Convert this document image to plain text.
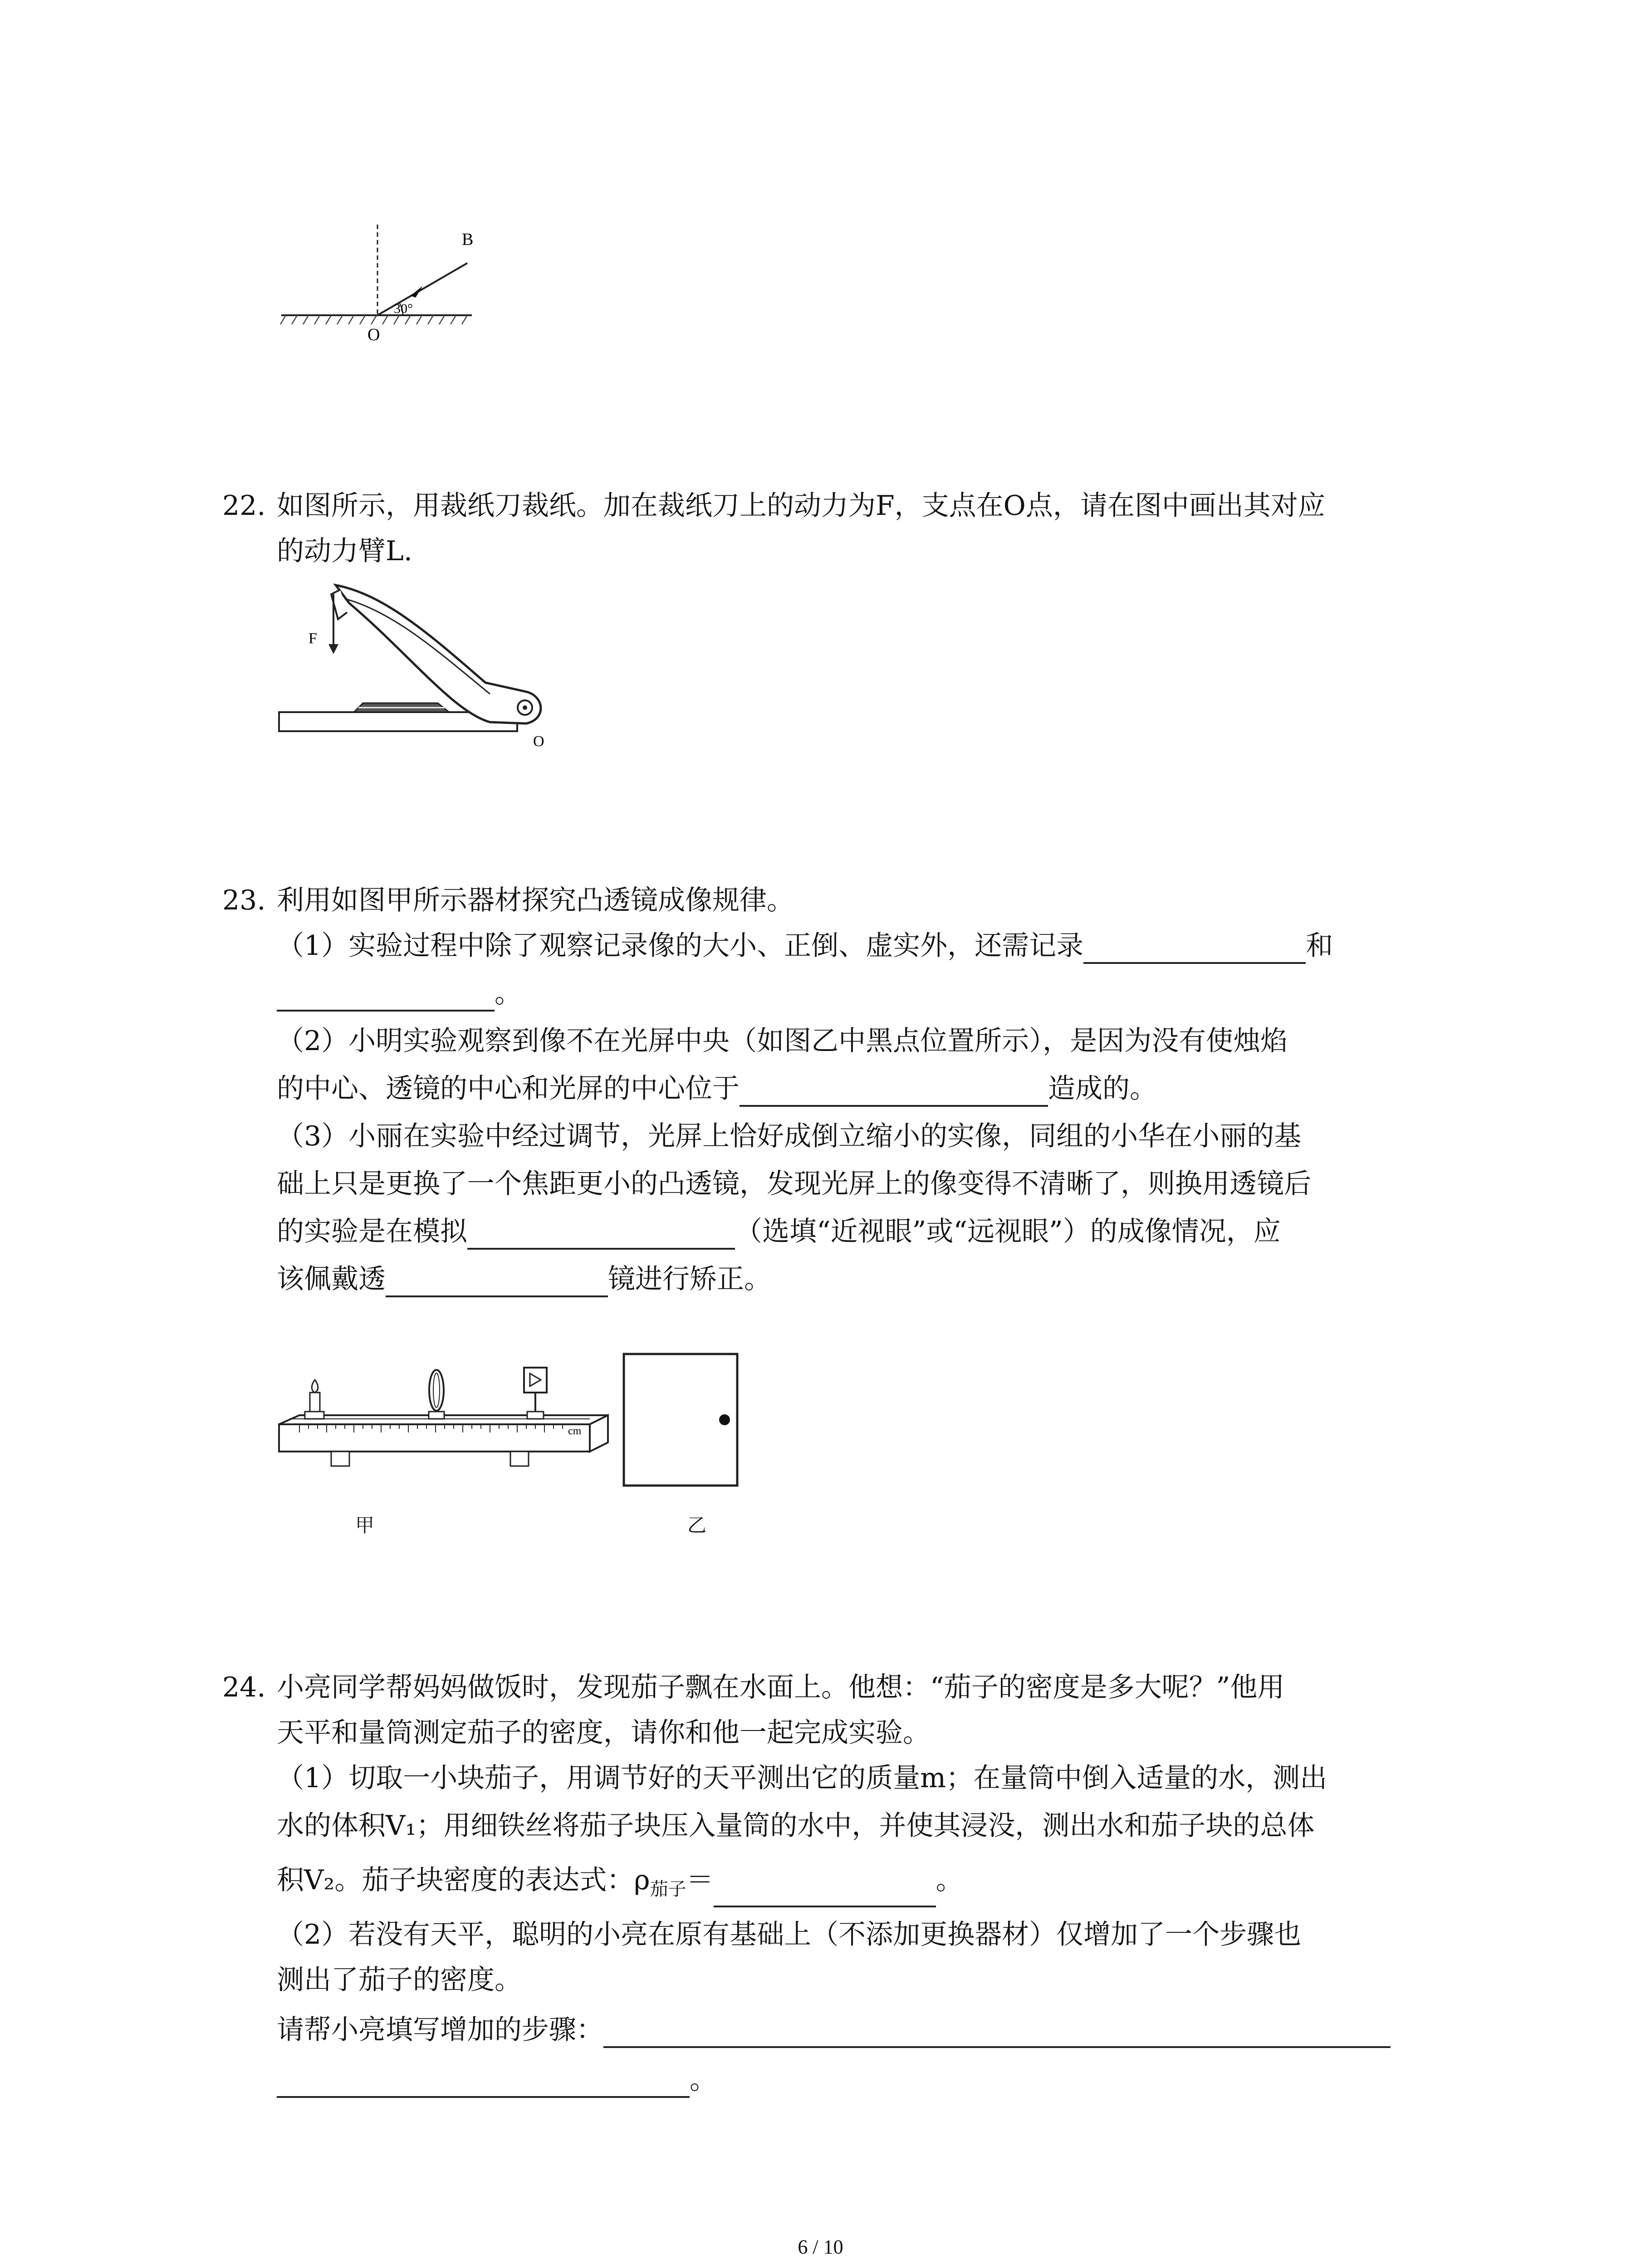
30°
B
O
22. 如图所示，用裁纸刀裁纸。加在裁纸刀上的动力为F，支点在O点，请在图中画出其对应
的动力臂L.
F
O
23. 利用如图甲所示器材探究凸透镜成像规律。
（1）实验过程中除了观察记录像的大小、正倒、虚实外，还需记录	和
。
（2）小明实验观察到像不在光屏中央（如图乙中黑点位置所示），是因为没有使烛焰
的中心、透镜的中心和光屏的中心位于	造成的。
（3）小丽在实验中经过调节，光屏上恰好成倒立缩小的实像，同组的小华在小丽的基
础上只是更换了一个焦距更小的凸透镜，发现光屏上的像变得不清晰了，则换用透镜后
的实验是在模拟	（选填“近视眼”或“远视眼”）的成像情况，应
该佩戴透	镜进行矫正。
cm
甲	乙
24. 小亮同学帮妈妈做饭时，发现茄子飘在水面上。他想：“茄子的密度是多大呢？”他用
天平和量筒测定茄子的密度，请你和他一起完成实验。
（1）切取一小块茄子，用调节好的天平测出它的质量m；在量筒中倒入适量的水，测出
水的体积V₁；用细铁丝将茄子块压入量筒的水中，并使其浸没，测出水和茄子块的总体
积V₂。茄子块密度的表达式：$\rho_{茄子}=$	。
（2）若没有天平，聪明的小亮在原有基础上（不添加更换器材）仅增加了一个步骤也
测出了茄子的密度。
请帮小亮填写增加的步骤：
。
6 / 10
